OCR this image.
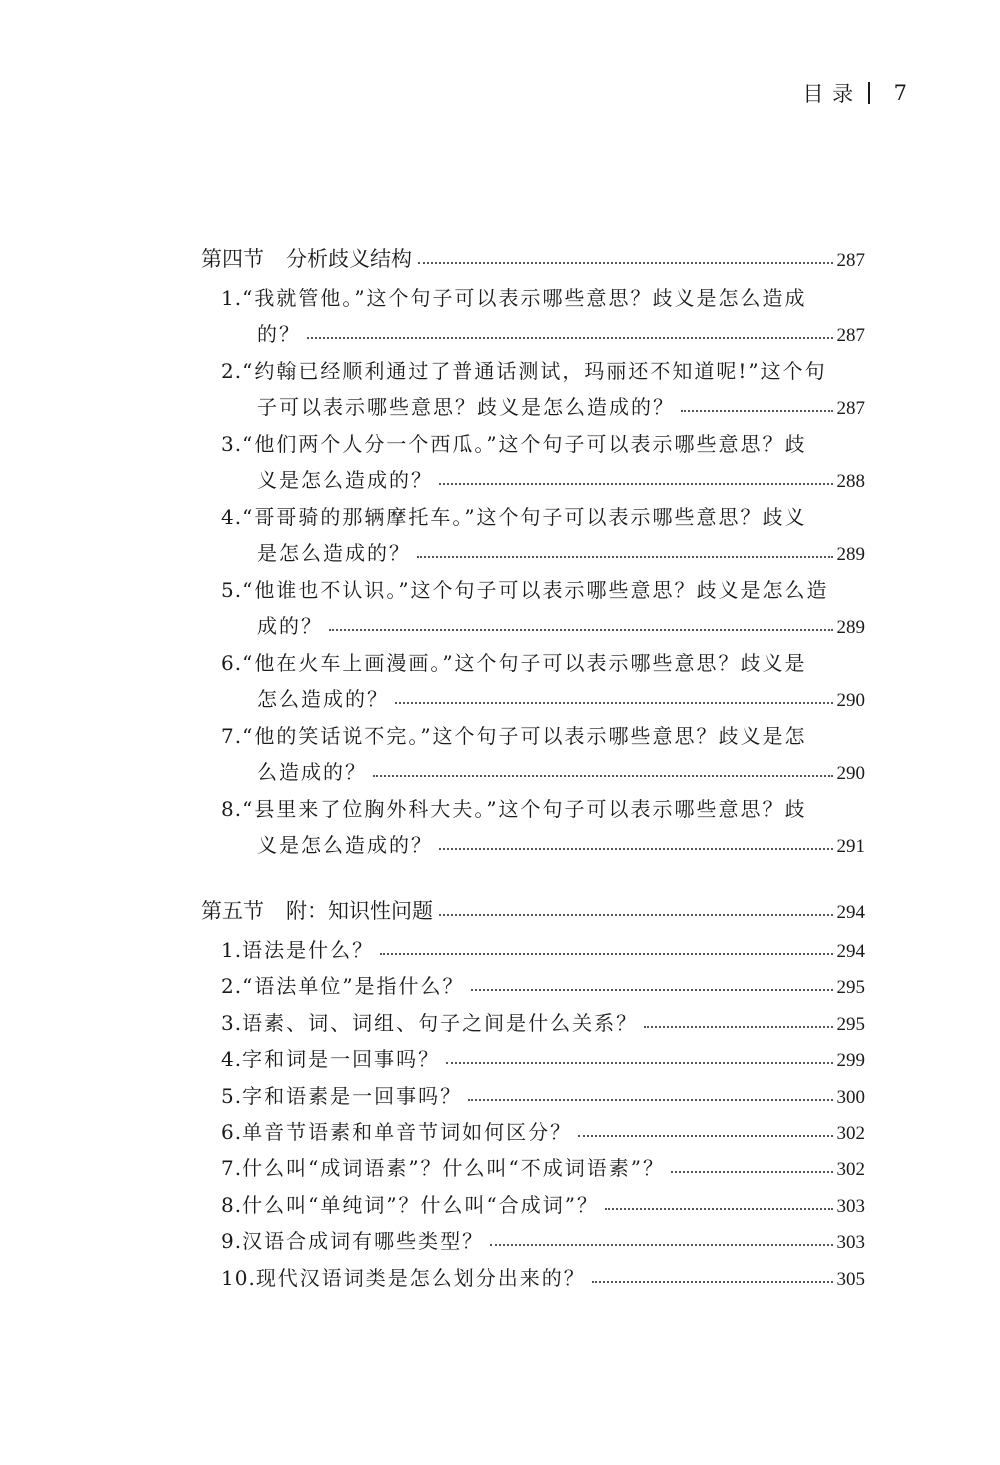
目 录 7
第四节 分析歧义结构	287
1. “我就管他。”这个句子可以表示哪些意思？歧义是怎么造成
的？	287
2. “约翰已经顺利通过了普通话测试，玛丽还不知道呢!”这个句
子可以表示哪些意思？歧义是怎么造成的？	287
3. “他们两个人分一个西瓜。”这个句子可以表示哪些意思？歧
义是怎么造成的？	288
4. “哥哥骑的那辆摩托车。”这个句子可以表示哪些意思？歧义
是怎么造成的？	289
5. “他谁也不认识。”这个句子可以表示哪些意思？歧义是怎么造
成的？	289
6. “他在火车上画漫画。”这个句子可以表示哪些意思？歧义是
怎么造成的？	290
7. “他的笑话说不完。”这个句子可以表示哪些意思？歧义是怎
么造成的？	290
8. “县里来了位胸外科大夫。”这个句子可以表示哪些意思？歧
义是怎么造成的？	291
第五节 附：知识性问题	294
1. 语法是什么？	294
2. “语法单位”是指什么？	295
3. 语素、词、词组、句子之间是什么关系？	295
4. 字和词是一回事吗？	299
5. 字和语素是一回事吗？	300
6. 单音节语素和单音节词如何区分？	302
7. 什么叫“成词语素”？什么叫“不成词语素”？	302
8. 什么叫“单纯词”？什么叫“合成词”？	303
9. 汉语合成词有哪些类型？	303
10. 现代汉语词类是怎么划分出来的？	305
